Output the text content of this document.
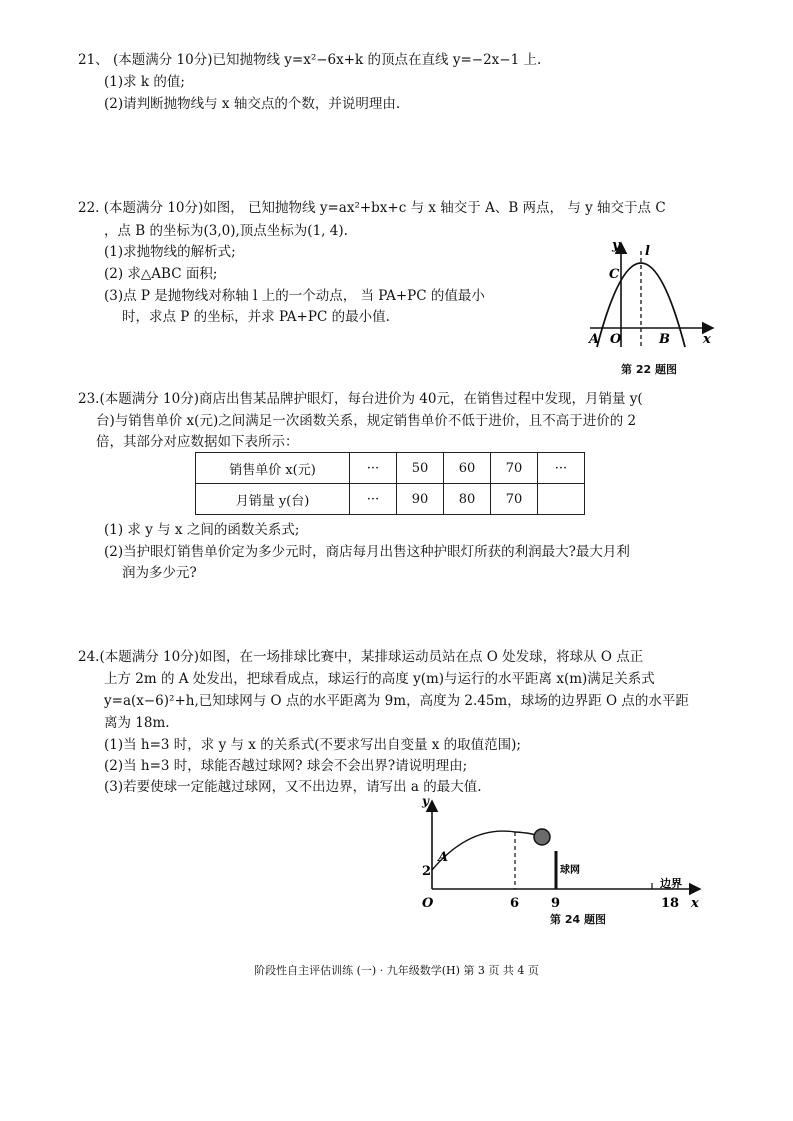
21、 (本题满分 10分)已知抛物线 y=x²−6x+k 的顶点在直线 y=−2x−1 上.
(1)求 k 的值;
(2)请判断抛物线与 x 轴交点的个数，并说明理由.
22. (本题满分 10分)如图， 已知抛物线 y=ax²+bx+c 与 x 轴交于 A、B 两点， 与 y 轴交于点 C
，点 B 的坐标为(3,0),顶点坐标为(1, 4).
(1)求抛物线的解析式;
(2) 求△ABC 面积;
(3)点 P 是抛物线对称轴 l 上的一个动点， 当 PA+PC 的值最小
时，求点 P 的坐标，并求 PA+PC 的最小值.
y l
C
A O	B	x
第 22 题图
23.(本题满分 10分)商店出售某品牌护眼灯，每台进价为 40元，在销售过程中发现，月销量 y(
台)与销售单价 x(元)之间满足一次函数关系，规定销售单价不低于进价，且不高于进价的 2
倍，其部分对应数据如下表所示：
销售单价 x(元)	···	50	60	70	···
月销量 y(台)	···	90	80	70	
(1) 求 y 与 x 之间的函数关系式;
(2)当护眼灯销售单价定为多少元时，商店每月出售这种护眼灯所获的利润最大?最大月利
润为多少元?
24.(本题满分 10分)如图，在一场排球比赛中，某排球运动员站在点 O 处发球，将球从 O 点正
上方 2m 的 A 处发出，把球看成点，球运行的高度 y(m)与运行的水平距离 x(m)满足关系式
y=a(x−6)²+h,已知球网与 O 点的水平距离为 9m，高度为 2.45m，球场的边界距 O 点的水平距
离为 18m.
(1)当 h=3 时，求 y 与 x 的关系式(不要求写出自变量 x 的取值范围);
(2)当 h=3 时，球能否越过球网? 球会不会出界?请说明理由;
(3)若要使球一定能越过球网，又不出边界，请写出 a 的最大值.
y
A
2
O	6 9
球网
边界
18 x
第 24 题图
阶段性自主评估训练 (一) · 九年级数学(H) 第 3 页 共 4 页
